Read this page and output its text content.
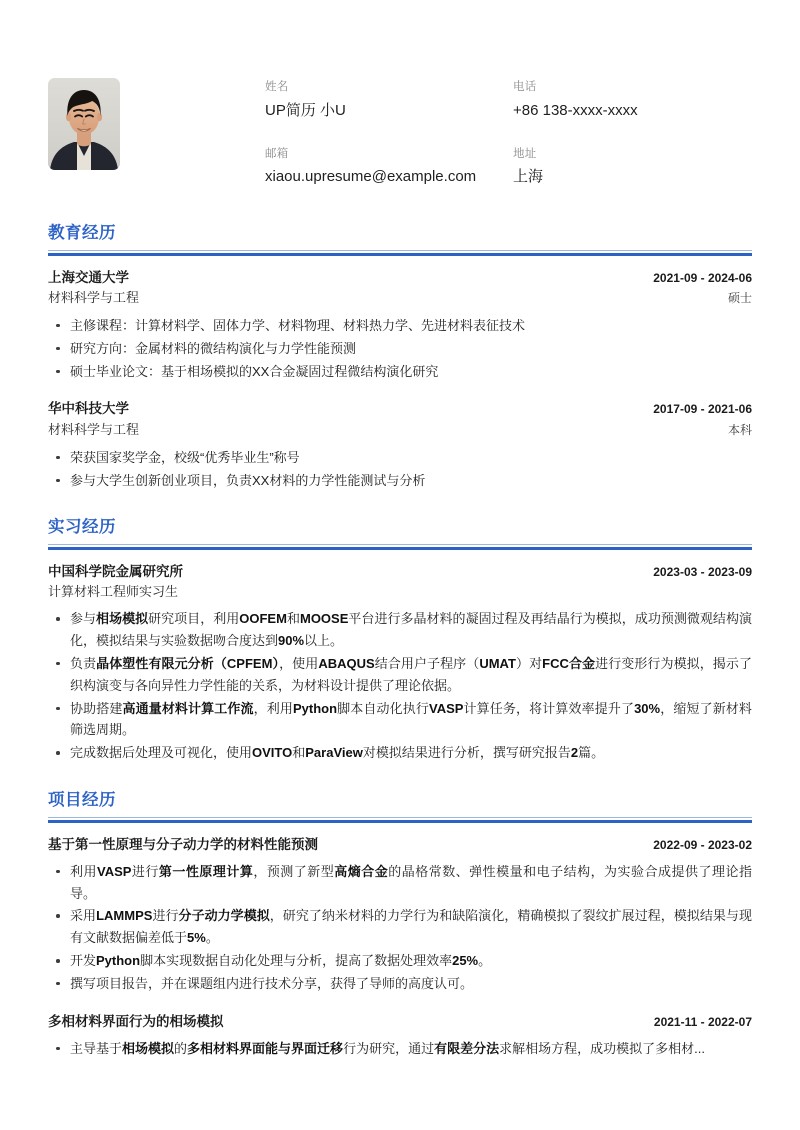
姓名
UP简历 小U
电话
+86 138-xxxx-xxxx
邮箱
xiaou.upresume@example.com
地址
上海
教育经历
上海交通大学	2021-09 - 2024-06
材料科学与工程	硕士
主修课程：计算材料学、固体力学、材料物理、材料热力学、先进材料表征技术
研究方向：金属材料的微结构演化与力学性能预测
硕士毕业论文：基于相场模拟的XX合金凝固过程微结构演化研究
华中科技大学	2017-09 - 2021-06
材料科学与工程	本科
荣获国家奖学金，校级“优秀毕业生”称号
参与大学生创新创业项目，负责XX材料的力学性能测试与分析
实习经历
中国科学院金属研究所	2023-03 - 2023-09
计算材料工程师实习生
参与相场模拟研究项目，利用OOFEM和MOOSE平台进行多晶材料的凝固过程及再结晶行为模拟，成功预测微观结构演化，模拟结果与实验数据吻合度达到90%以上。
负责晶体塑性有限元分析（CPFEM），使用ABAQUS结合用户子程序（UMAT）对FCC合金进行变形行为模拟，揭示了织构演变与各向异性力学性能的关系，为材料设计提供了理论依据。
协助搭建高通量材料计算工作流，利用Python脚本自动化执行VASP计算任务，将计算效率提升了30%，缩短了新材料筛选周期。
完成数据后处理及可视化，使用OVITO和ParaView对模拟结果进行分析，撰写研究报告2篇。
项目经历
基于第一性原理与分子动力学的材料性能预测	2022-09 - 2023-02
利用VASP进行第一性原理计算，预测了新型高熵合金的晶格常数、弹性模量和电子结构，为实验合成提供了理论指导。
采用LAMMPS进行分子动力学模拟，研究了纳米材料的力学行为和缺陷演化，精确模拟了裂纹扩展过程，模拟结果与现有文献数据偏差低于5%。
开发Python脚本实现数据自动化处理与分析，提高了数据处理效率25%。
撰写项目报告，并在课题组内进行技术分享，获得了导师的高度认可。
多相材料界面行为的相场模拟	2021-11 - 2022-07
主导基于相场模拟的多相材料界面能与界面迁移行为研究，通过有限差分法求解相场方程，成功模拟了多相材...
